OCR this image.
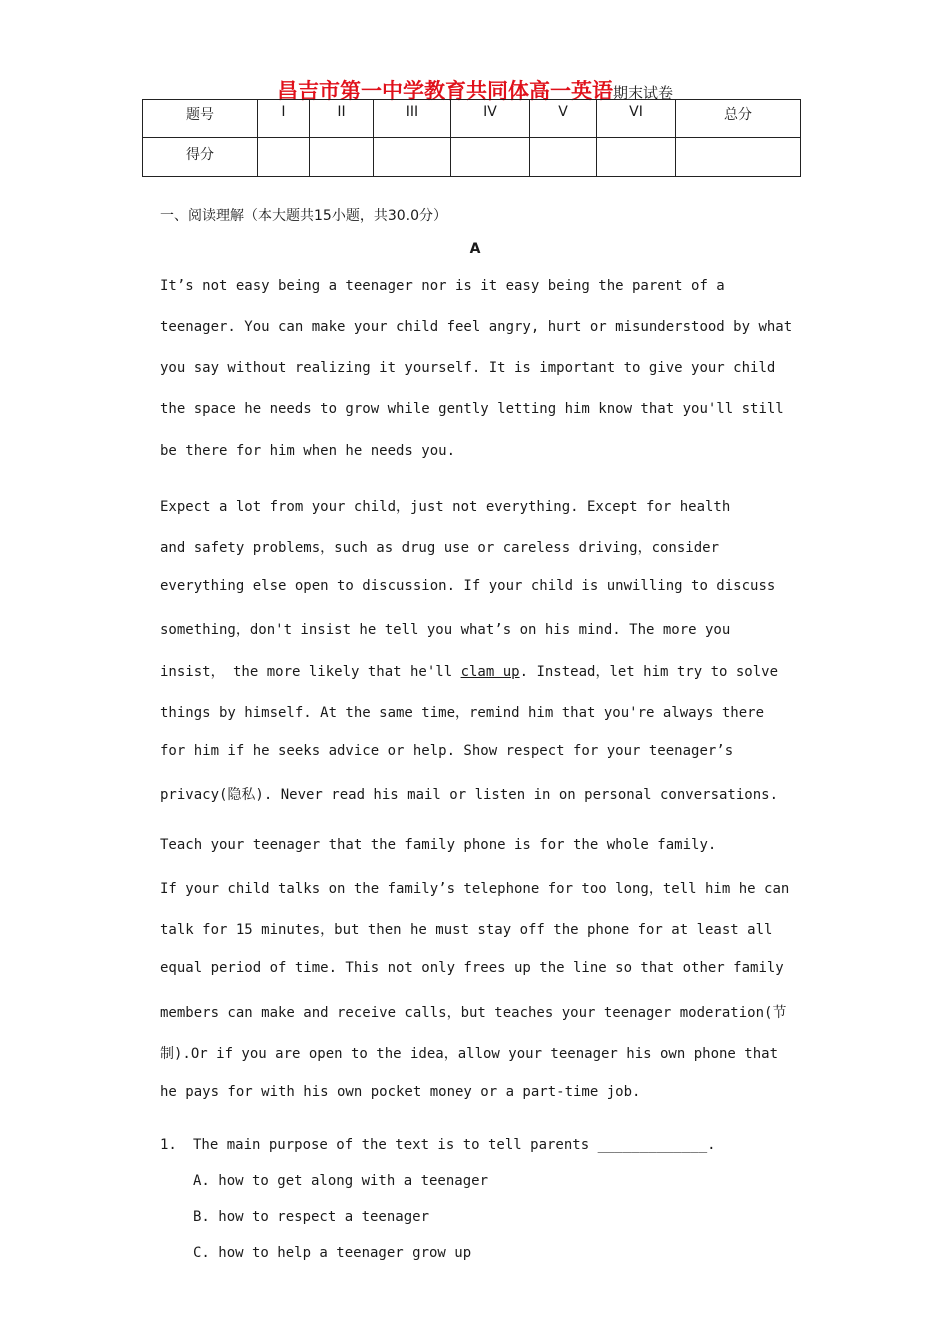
昌吉市第一中学教育共同体高一英语期末试卷
题号	I	II	III	IV	V	VI	总分
得分							
一、阅读理解（本大题共15小题，共30.0分）
A
It’s not easy being a teenager nor is it easy being the parent of a
teenager. You can make your child feel angry, hurt or misunderstood by what
you say without realizing it yourself. It is important to give your child
the space he needs to grow while gently letting him know that you'll still
be there for him when he needs you.
Expect a lot from your child，just not everything. Except for health
and safety problems，such as drug use or careless driving，consider
everything else open to discussion. If your child is unwilling to discuss
something，don't insist he tell you what’s on his mind. The more you
insist， the more likely that he'll clam up. Instead，let him try to solve
things by himself. At the same time，remind him that you're always there
for him if he seeks advice or help. Show respect for your teenager’s
privacy(隐私). Never read his mail or listen in on personal conversations.
Teach your teenager that the family phone is for the whole family.
If your child talks on the family’s telephone for too long，tell him he can
talk for 15 minutes，but then he must stay off the phone for at least all
equal period of time. This not only frees up the line so that other family
members can make and receive calls，but teaches your teenager moderation(节
制).Or if you are open to the idea，allow your teenager his own phone that
he pays for with his own pocket money or a part-time job.
1. The main purpose of the text is to tell parents _____________.
A. how to get along with a teenager
B. how to respect a teenager
C. how to help a teenager grow up
